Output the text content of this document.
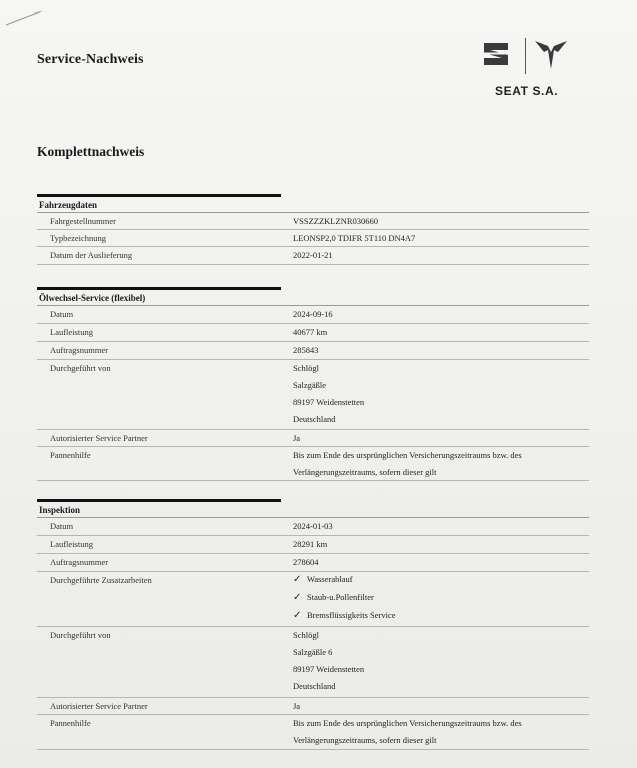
Service-Nachweis
SEAT S.A.
Komplettnachweis
Fahrzeugdaten
Fahrgestellnummer	VSSZZZKLZNR030660
Typbezeichnung	LEONSP2,0 TDIFR 5T110 DN4A7
Datum der Auslieferung	2022-01-21
Ölwechsel-Service (flexibel)
Datum	2024-09-16
Laufleistung	40677 km
Auftragsnummer	285843
Durchgeführt von	Schlögl
Salzgäßle
89197 Weidenstetten
Deutschland
Autorisierter Service Partner	Ja
Pannenhilfe	Bis zum Ende des ursprünglichen Versicherungszeitraums bzw. des
Verlängerungszeitraums, sofern dieser gilt
Inspektion
Datum	2024-01-03
Laufleistung	28291 km
Auftragsnummer	278604
Durchgeführte Zusatzarbeiten	✓ Wasserablauf
✓ Staub-u.Pollenfilter
✓ Bremsflüssigkeits Service
Durchgeführt von	Schlögl
Salzgäßle 6
89197 Weidenstetten
Deutschland
Autorisierter Service Partner	Ja
Pannenhilfe	Bis zum Ende des ursprünglichen Versicherungszeitraums bzw. des
Verlängerungszeitraums, sofern dieser gilt
